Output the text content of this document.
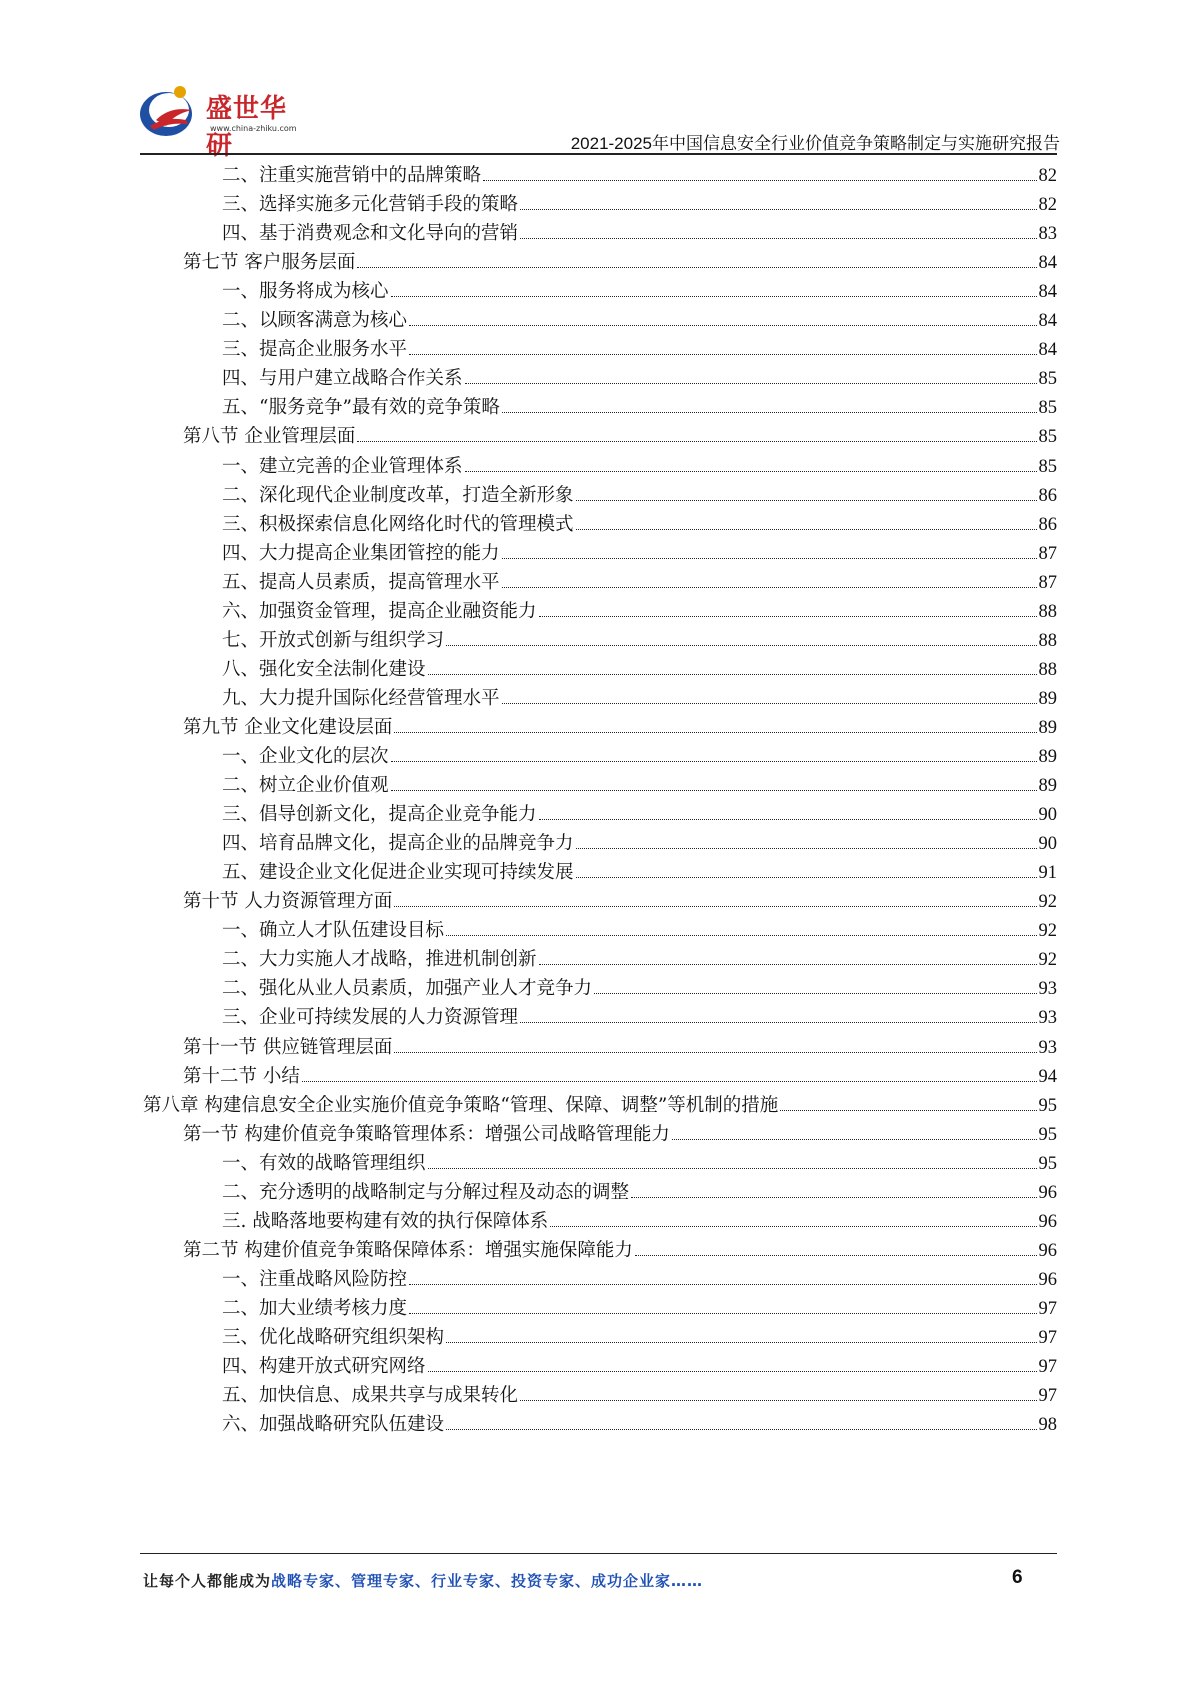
盛世华研
www.china-zhiku.com
2021-2025年中国信息安全行业价值竞争策略制定与实施研究报告
二、注重实施营销中的品牌策略	82
三、选择实施多元化营销手段的策略	82
四、基于消费观念和文化导向的营销	83
第七节 客户服务层面	84
一、服务将成为核心	84
二、以顾客满意为核心	84
三、提高企业服务水平	84
四、与用户建立战略合作关系	85
五、“服务竞争”最有效的竞争策略	85
第八节 企业管理层面	85
一、建立完善的企业管理体系	85
二、深化现代企业制度改革，打造全新形象	86
三、积极探索信息化网络化时代的管理模式	86
四、大力提高企业集团管控的能力	87
五、提高人员素质，提高管理水平	87
六、加强资金管理，提高企业融资能力	88
七、开放式创新与组织学习	88
八、强化安全法制化建设	88
九、大力提升国际化经营管理水平	89
第九节 企业文化建设层面	89
一、企业文化的层次	89
二、树立企业价值观	89
三、倡导创新文化，提高企业竞争能力	90
四、培育品牌文化，提高企业的品牌竞争力	90
五、建设企业文化促进企业实现可持续发展	91
第十节 人力资源管理方面	92
一、确立人才队伍建设目标	92
二、大力实施人才战略，推进机制创新	92
二、强化从业人员素质，加强产业人才竞争力	93
三、企业可持续发展的人力资源管理	93
第十一节 供应链管理层面	93
第十二节 小结	94
第八章 构建信息安全企业实施价值竞争策略“管理、保障、调整”等机制的措施	95
第一节 构建价值竞争策略管理体系：增强公司战略管理能力	95
一、有效的战略管理组织	95
二、充分透明的战略制定与分解过程及动态的调整	96
三. 战略落地要构建有效的执行保障体系	96
第二节 构建价值竞争策略保障体系：增强实施保障能力	96
一、注重战略风险防控	96
二、加大业绩考核力度	97
三、优化战略研究组织架构	97
四、构建开放式研究网络	97
五、加快信息、成果共享与成果转化	97
六、加强战略研究队伍建设	98
让每个人都能成为战略专家、管理专家、行业专家、投资专家、成功企业家……	6
